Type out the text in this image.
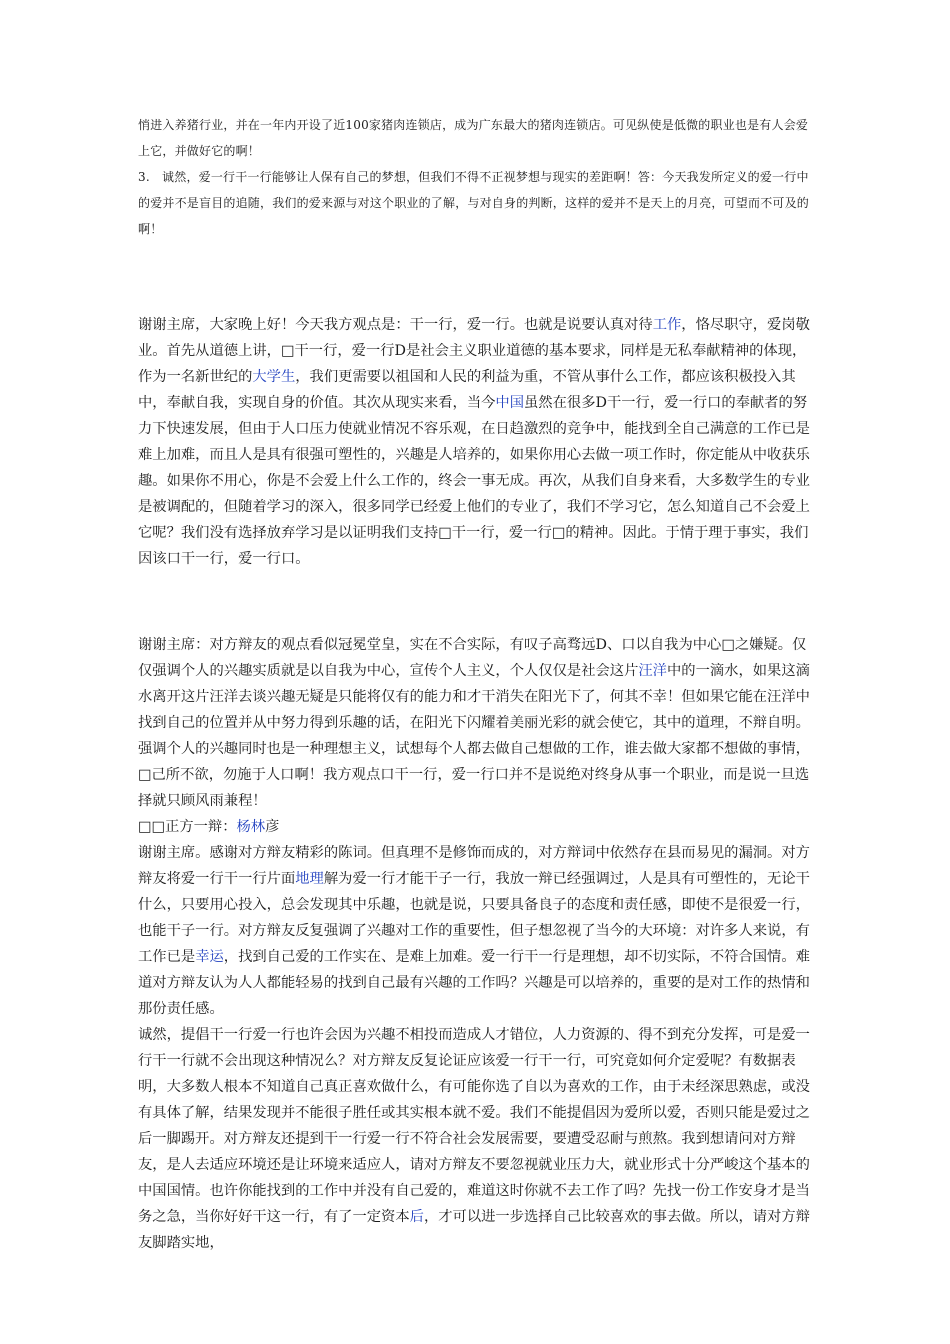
悄进入养猪行业，并在一年内开设了近100家猪肉连锁店，成为广东最大的猪肉连锁店。可见纵使是低微的职业也是有人会爱上它，并做好它的啊！

3.　诚然，爱一行干一行能够让人保有自己的梦想，但我们不得不正视梦想与现实的差距啊！答：今天我发所定义的爱一行中的爱并不是盲目的追随，我们的爱来源与对这个职业的了解，与对自身的判断，这样的爱并不是天上的月亮，可望而不可及的啊！

谢谢主席，大家晚上好！今天我方观点是：干一行，爱一行。也就是说要认真对待工作，恪尽职守，爱岗敬业。首先从道德上讲，□干一行，爱一行D是社会主义职业道德的基本要求，同样是无私奉献精神的体现，作为一名新世纪的大学生，我们更需要以祖国和人民的利益为重，不管从事什么工作，都应该积极投入其中，奉献自我，实现自身的价值。其次从现实来看，当今中国虽然在很多D干一行，爱一行口的奉献者的努力下快速发展，但由于人口压力使就业情况不容乐观，在日趋激烈的竞争中，能找到全自己满意的工作已是难上加难，而且人是具有很强可塑性的，兴趣是人培养的，如果你用心去做一项工作时，你定能从中收获乐趣。如果你不用心，你是不会爱上什么工作的，终会一事无成。再次，从我们自身来看，大多数学生的专业是被调配的，但随着学习的深入，很多同学已经爱上他们的专业了，我们不学习它，怎么知道自己不会爱上它呢？我们没有选择放弃学习是以证明我们支持□干一行，爱一行□的精神。因此。于情于理于事实，我们因该口干一行，爱一行口。

谢谢主席：对方辩友的观点看似冠冕堂皇，实在不合实际，有叹子高骛远D、口以自我为中心□之嫌疑。仅仅强调个人的兴趣实质就是以自我为中心，宣传个人主义，个人仅仅是社会这片汪洋中的一滴水，如果这滴水离开这片汪洋去谈兴趣无疑是只能将仅有的能力和才干消失在阳光下了，何其不幸！但如果它能在汪洋中找到自己的位置并从中努力得到乐趣的话，在阳光下闪耀着美丽光彩的就会使它，其中的道理，不辩自明。强调个人的兴趣同时也是一种理想主义，试想每个人都去做自己想做的工作，谁去做大家都不想做的事情，□己所不欲，勿施于人口啊！我方观点口干一行，爱一行口并不是说绝对终身从事一个职业，而是说一旦选择就只顾风雨兼程！

□□正方一辩：杨林彦

谢谢主席。感谢对方辩友精彩的陈词。但真理不是修饰而成的，对方辩词中依然存在县而易见的漏洞。对方辩友将爱一行干一行片面地理解为爱一行才能干子一行，我放一辩已经强调过，人是具有可塑性的，无论干什么，只要用心投入，总会发现其中乐趣，也就是说，只要具备良子的态度和责任感，即使不是很爱一行，也能干子一行。对方辩友反复强调了兴趣对工作的重要性，但子想忽视了当今的大环境：对许多人来说，有工作已是幸运，找到自己爱的工作实在、是难上加难。爱一行干一行是理想，却不切实际，不符合国情。难道对方辩友认为人人都能轻易的找到自己最有兴趣的工作吗？兴趣是可以培养的，重要的是对工作的热情和那份责任感。

诚然，提倡干一行爱一行也许会因为兴趣不相投而造成人才错位，人力资源的、得不到充分发挥，可是爱一行干一行就不会出现这种情况么？对方辩友反复论证应该爱一行干一行，可究竟如何介定爱呢？有数据表明，大多数人根本不知道自己真正喜欢做什么，有可能你选了自以为喜欢的工作，由于未经深思熟虑，或没有具体了解，结果发现并不能很子胜任或其实根本就不爱。我们不能提倡因为爱所以爱，否则只能是爱过之后一脚踢开。对方辩友还提到干一行爱一行不符合社会发展需要，要遭受忍耐与煎熬。我到想请问对方辩友，是人去适应环境还是让环境来适应人，请对方辩友不要忽视就业压力大，就业形式十分严峻这个基本的中国国情。也许你能找到的工作中并没有自己爱的，难道这时你就不去工作了吗？先找一份工作安身才是当务之急，当你好好干这一行，有了一定资本后，才可以进一步选择自己比较喜欢的事去做。所以，请对方辩友脚踏实地，
